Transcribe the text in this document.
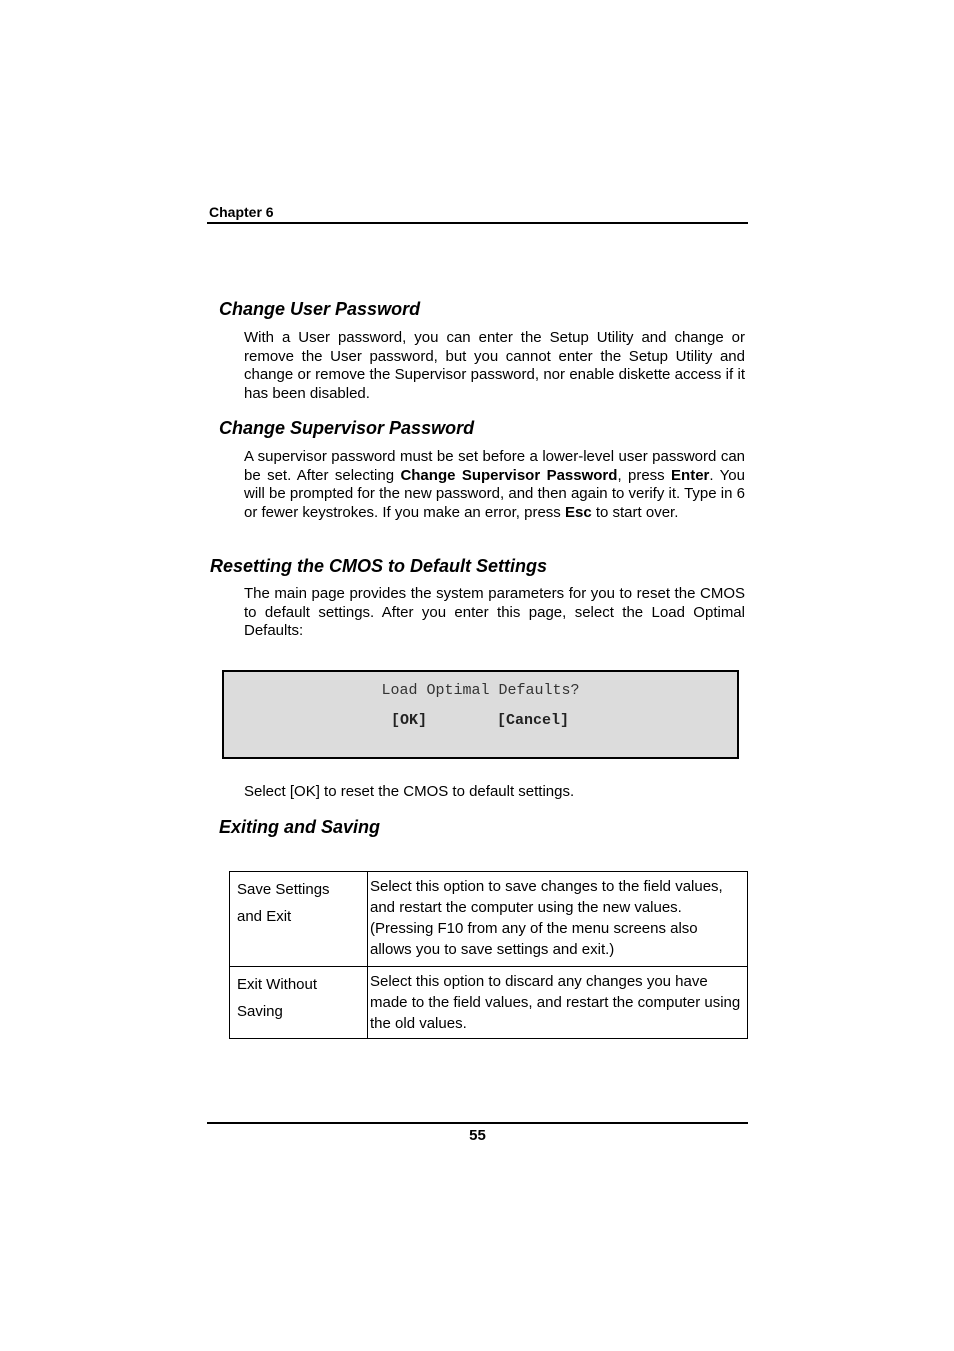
Chapter 6
Change User Password

With a User password, you can enter the Setup Utility and change or remove the User password, but you cannot enter the Setup Utility and change or remove the Supervisor password, nor enable diskette access if it has been disabled.

Change Supervisor Password

A supervisor password must be set before a lower-level user password can be set. After selecting Change Supervisor Password, press Enter. You will be prompted for the new password, and then again to verify it. Type in 6 or fewer keystrokes. If you make an error, press Esc to start over.

Resetting the CMOS to Default Settings

The main page provides the system parameters for you to reset the CMOS to default settings. After you enter this page, select the Load Optimal Defaults:

Load Optimal Defaults?
[OK]	[Cancel]

Select [OK] to reset the CMOS to default settings.

Exiting and Saving
Save Settings
and Exit	Select this option to save changes to the field values, and restart the computer using the new values. (Pressing F10 from any of the menu screens also allows you to save settings and exit.)
Exit Without
Saving	Select this option to discard any changes you have made to the field values, and restart the computer using the old values.
55
